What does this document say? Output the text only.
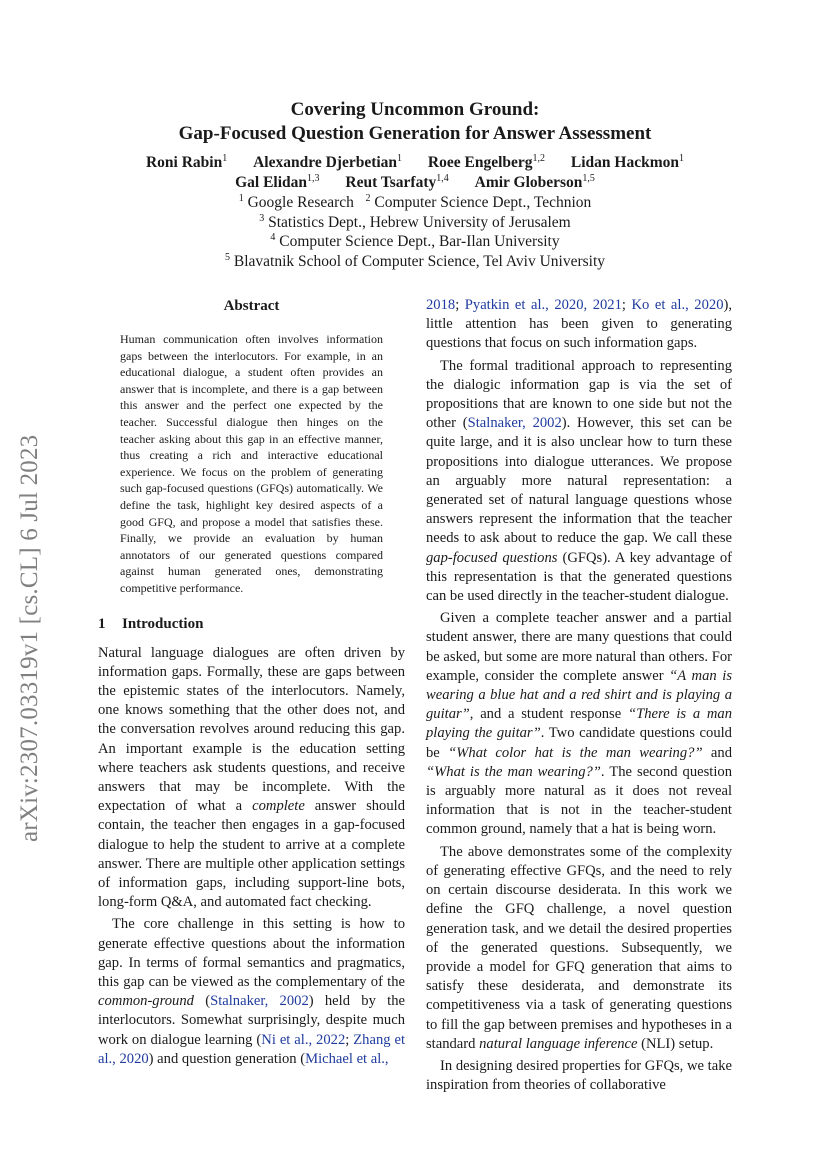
arXiv:2307.03319v1 [cs.CL] 6 Jul 2023
Covering Uncommon Ground:
Gap-Focused Question Generation for Answer Assessment
Roni Rabin$^1$ Alexandre Djerbetian$^1$ Roee Engelberg$^{1,2}$ Lidan Hackmon$^1$
Gal Elidan$^{1,3}$ Reut Tsarfaty$^{1,4}$ Amir Globerson$^{1,5}$
$^1$ Google Research $^2$ Computer Science Dept., Technion
$^3$ Statistics Dept., Hebrew University of Jerusalem
$^4$ Computer Science Dept., Bar-Ilan University
$^5$ Blavatnik School of Computer Science, Tel Aviv University
Abstract

Human communication often involves information gaps between the interlocutors. For example, in an educational dialogue, a student often provides an answer that is incomplete, and there is a gap between this answer and the perfect one expected by the teacher. Successful dialogue then hinges on the teacher asking about this gap in an effective manner, thus creating a rich and interactive educational experience. We focus on the problem of generating such gap-focused questions (GFQs) automatically. We define the task, highlight key desired aspects of a good GFQ, and propose a model that satisfies these. Finally, we provide an evaluation by human annotators of our generated questions compared against human generated ones, demonstrating competitive performance.

1 Introduction

Natural language dialogues are often driven by information gaps. Formally, these are gaps between the epistemic states of the interlocutors. Namely, one knows something that the other does not, and the conversation revolves around reducing this gap. An important example is the education setting where teachers ask students questions, and receive answers that may be incomplete. With the expectation of what a complete answer should contain, the teacher then engages in a gap-focused dialogue to help the student to arrive at a complete answer. There are multiple other application settings of information gaps, including support-line bots, long-form Q&A, and automated fact checking.

The core challenge in this setting is how to generate effective questions about the information gap. In terms of formal semantics and pragmatics, this gap can be viewed as the complementary of the common-ground (Stalnaker, 2002) held by the interlocutors. Somewhat surprisingly, despite much work on dialogue learning (Ni et al., 2022; Zhang et al., 2020) and question generation (Michael et al.,

2018; Pyatkin et al., 2020, 2021; Ko et al., 2020), little attention has been given to generating questions that focus on such information gaps.

The formal traditional approach to representing the dialogic information gap is via the set of propositions that are known to one side but not the other (Stalnaker, 2002). However, this set can be quite large, and it is also unclear how to turn these propositions into dialogue utterances. We propose an arguably more natural representation: a generated set of natural language questions whose answers represent the information that the teacher needs to ask about to reduce the gap. We call these gap-focused questions (GFQs). A key advantage of this representation is that the generated questions can be used directly in the teacher-student dialogue.

Given a complete teacher answer and a partial student answer, there are many questions that could be asked, but some are more natural than others. For example, consider the complete answer “A man is wearing a blue hat and a red shirt and is playing a guitar”, and a student response “There is a man playing the guitar”. Two candidate questions could be “What color hat is the man wearing?” and “What is the man wearing?”. The second question is arguably more natural as it does not reveal information that is not in the teacher-student common ground, namely that a hat is being worn.

The above demonstrates some of the complexity of generating effective GFQs, and the need to rely on certain discourse desiderata. In this work we define the GFQ challenge, a novel question generation task, and we detail the desired properties of the generated questions. Subsequently, we provide a model for GFQ generation that aims to satisfy these desiderata, and demonstrate its competitiveness via a task of generating questions to fill the gap between premises and hypotheses in a standard natural language inference (NLI) setup.

In designing desired properties for GFQs, we take inspiration from theories of collaborative
